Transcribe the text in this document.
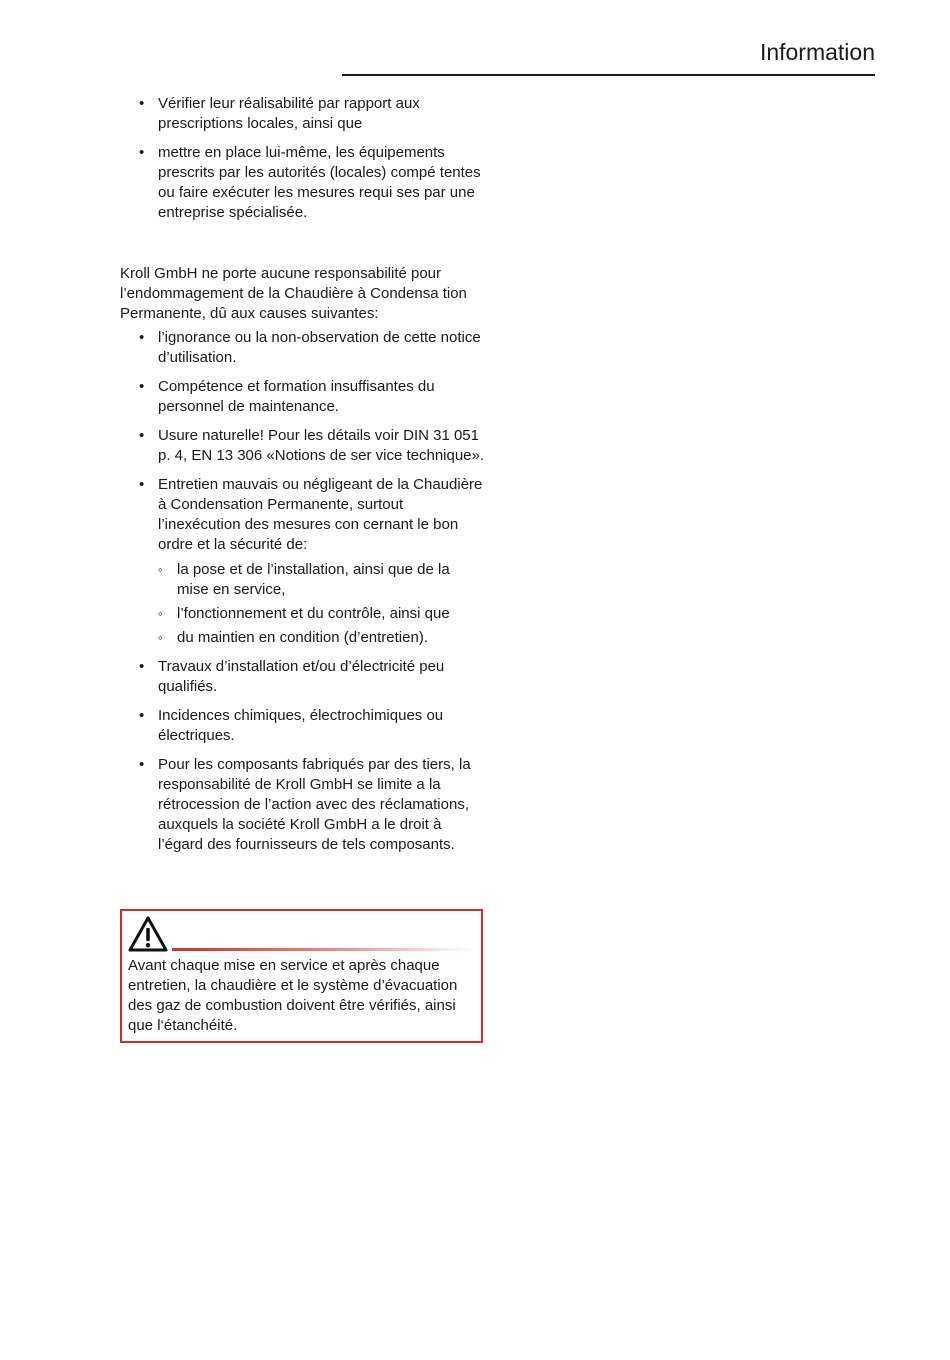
Information
• Vérifier leur réalisabilité par rapport aux prescriptions locales, ainsi que
• mettre en place lui-même, les équipements prescrits par les autorités (locales) compé tentes ou faire exécuter les mesures requi ses par une entreprise spécialisée.

Kroll GmbH ne porte aucune responsabilité pour l’endommagement de la Chaudière à Condensa tion Permanente, dû aux causes suivantes:

• l’ignorance ou la non-observation de cette notice d’utilisation.
• Compétence et formation insuffisantes du personnel de maintenance.
• Usure naturelle! Pour les détails voir DIN 31 051 p. 4, EN 13 306 «Notions de ser vice technique».
• Entretien mauvais ou négligeant de la Chaudière à Condensation Permanente, surtout l’inexécution des mesures con cernant le bon ordre et la sécurité de:
◦ la pose et de l’installation, ainsi que de la mise en service,
◦ l’fonctionnement et du contrôle, ainsi que
◦ du maintien en condition (d’entretien).
• Travaux d’installation et/ou d’électricité peu qualifiés.
• Incidences chimiques, électrochimiques ou électriques.
• Pour les composants fabriqués par des tiers, la responsabilité de Kroll GmbH se limite a la rétrocession de l’action avec des réclamations, auxquels la société Kroll GmbH a le droit à l’égard des fournisseurs de tels composants.
Avant chaque mise en service et après chaque entretien, la chaudière et le système d’évacuation des gaz de combustion doivent être vérifiés, ainsi que l‘étanchéité.
